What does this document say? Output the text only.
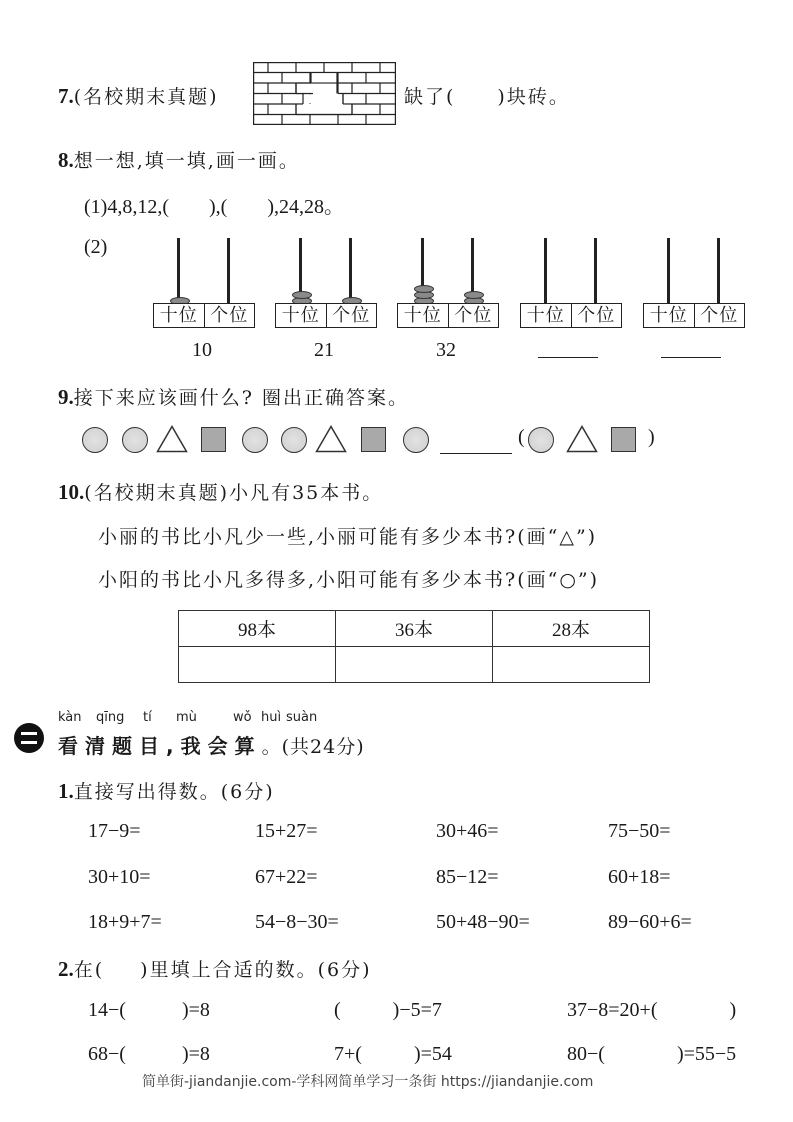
7.(名校期末真题)	缺了( )块砖。
8.想一想,填一填,画一画。
(1)4,8,12,( ),( ),24,28。
(2)
十位 个位
10
十位 个位
21
十位 个位
32
十位 个位	十位 个位
9.接下来应该画什么? 圈出正确答案。
(	)
10.(名校期末真题)小凡有35本书。
小丽的书比小凡少一些,小丽可能有多少本书?(画“△”)
小阳的书比小凡多得多,小阳可能有多少本书?(画“○”)
98本	36本	28本

kàn qīng tí mù	wǒ huì suàn
看清题目,我会算。(共24分)
1.直接写出得数。(6分)
17−9=	15+27=	30+46=	75−50=
30+10=	67+22=	85−12=	60+18=
18+9+7=	54−8−30=	50+48−90=	89−60+6=
2.在( )里填上合适的数。(6分)
14−(	)=8	(	)−5=7	37−8=20+(	)
68−(	)=8	7+(	)=54	80−(	)=55−5
简单街-jiandanjie.com-学科网简单学习一条街 https://jiandanjie.com
